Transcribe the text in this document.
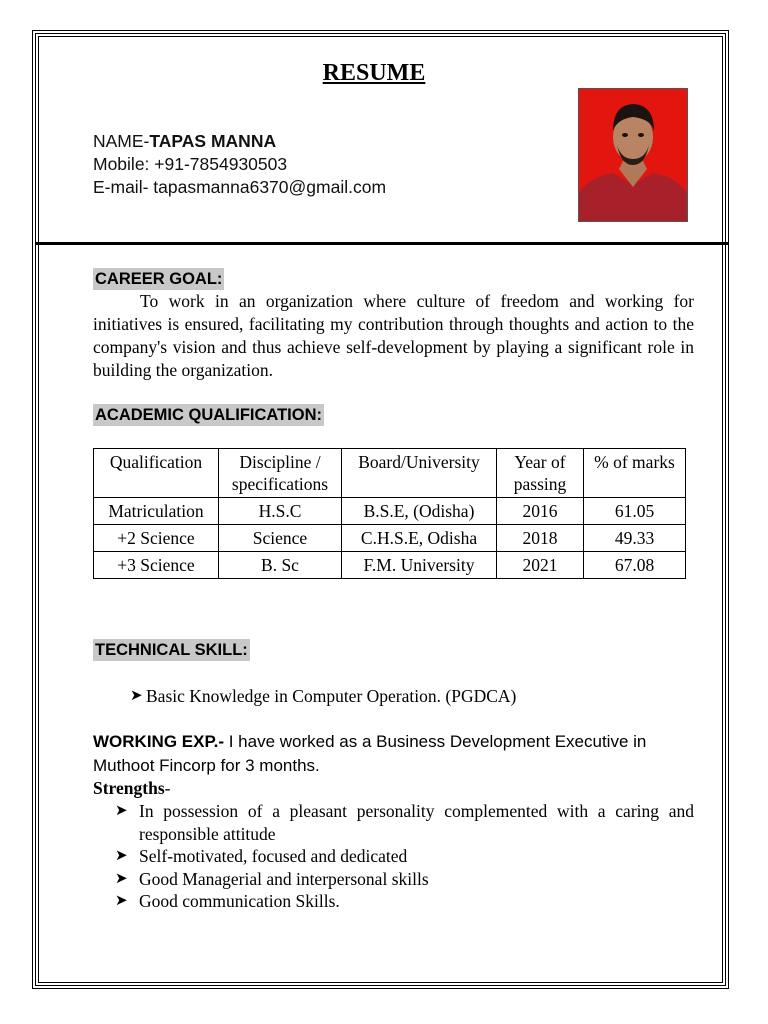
RESUME
NAME-TAPAS MANNA
Mobile: +91-7854930503
E-mail- tapasmanna6370@gmail.com
CAREER GOAL:
To work in an organization where culture of freedom and working for initiatives is ensured, facilitating my contribution through thoughts and action to the company's vision and thus achieve self-development by playing a significant role in building the organization.
ACADEMIC QUALIFICATION:
Qualification	Discipline / specifications	Board/University	Year of passing	% of marks
Matriculation	H.S.C	B.S.E, (Odisha)	2016	61.05
+2 Science	Science	C.H.S.E, Odisha	2018	49.33
+3 Science	B. Sc	F.M. University	2021	67.08
TECHNICAL SKILL:
➤ Basic Knowledge in Computer Operation. (PGDCA)
WORKING EXP.- I have worked as a Business Development Executive in Muthoot Fincorp for 3 months.
Strengths-
➤ In possession of a pleasant personality complemented with a caring and responsible attitude
➤ Self-motivated, focused and dedicated
➤ Good Managerial and interpersonal skills
➤ Good communication Skills.
